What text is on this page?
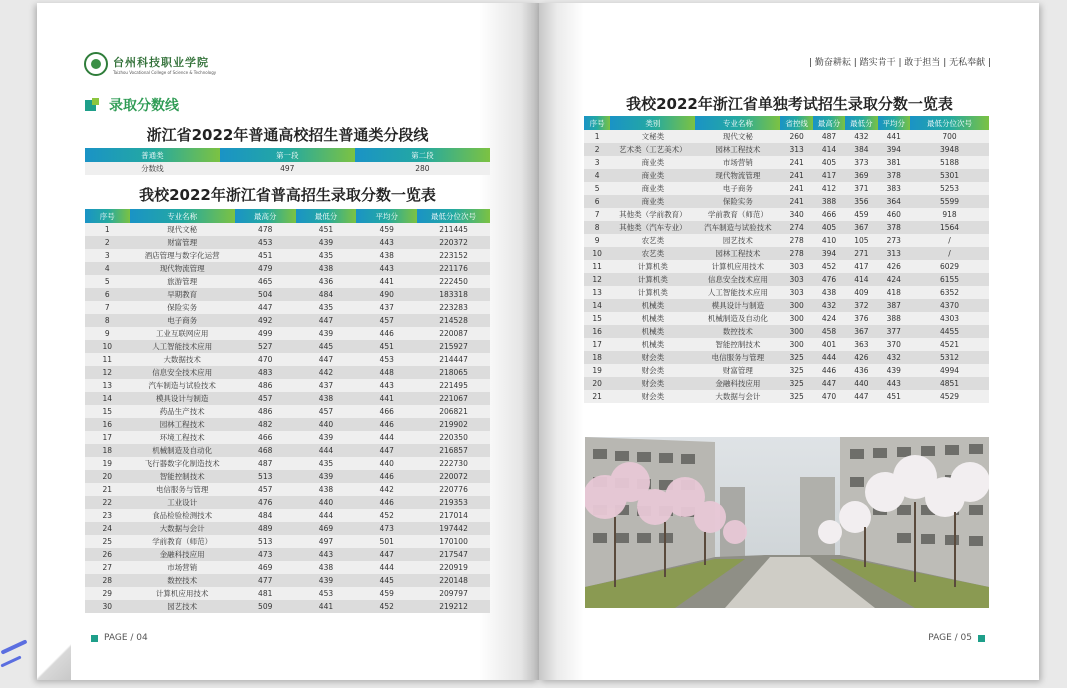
台州科技职业学院
Taizhou Vocational College of Science & Technology
录取分数线
浙江省2022年普通高校招生普通类分段线
普通类	第一段	第二段
分数线	497	280
我校2022年浙江省普高招生录取分数一览表
序号	专业名称	最高分	最低分	平均分	最低分位次号
1	现代文秘	478	451	459	211445
2	财富管理	453	439	443	220372
3	酒店管理与数字化运营	451	435	438	223152
4	现代物流管理	479	438	443	221176
5	旅游管理	465	436	441	222450
6	早期教育	504	484	490	183318
7	保险实务	447	435	437	223283
8	电子商务	492	447	457	214528
9	工业互联网应用	499	439	446	220087
10	人工智能技术应用	527	445	451	215927
11	大数据技术	470	447	453	214447
12	信息安全技术应用	483	442	448	218065
13	汽车制造与试验技术	486	437	443	221495
14	模具设计与制造	457	438	441	221067
15	药品生产技术	486	457	466	206821
16	园林工程技术	482	440	446	219902
17	环境工程技术	466	439	444	220350
18	机械制造及自动化	468	444	447	216857
19	飞行器数字化制造技术	487	435	440	222730
20	智能控制技术	513	439	446	220072
21	电信服务与管理	457	438	442	220776
22	工业设计	476	440	446	219353
23	食品检验检测技术	484	444	452	217014
24	大数据与会计	489	469	473	197442
25	学前教育（师范）	513	497	501	170100
26	金融科技应用	473	443	447	217547
27	市场营销	469	438	444	220919
28	数控技术	477	439	445	220148
29	计算机应用技术	481	453	459	209797
30	园艺技术	509	441	452	219212
PAGE / 04
| 勤奋耕耘 | 踏实肯干 | 敢于担当 | 无私奉献 |
我校2022年浙江省单独考试招生录取分数一览表
序号	类别	专业名称	省控线	最高分	最低分	平均分	最低分位次号
1	文秘类	现代文秘	260	487	432	441	700
2	艺术类（工艺美术）	园林工程技术	313	414	384	394	3948
3	商业类	市场营销	241	405	373	381	5188
4	商业类	现代物流管理	241	417	369	378	5301
5	商业类	电子商务	241	412	371	383	5253
6	商业类	保险实务	241	388	356	364	5599
7	其他类（学前教育）	学前教育（师范）	340	466	459	460	918
8	其他类（汽车专业）	汽车制造与试验技术	274	405	367	378	1564
9	农艺类	园艺技术	278	410	105	273	/
10	农艺类	园林工程技术	278	394	271	313	/
11	计算机类	计算机应用技术	303	452	417	426	6029
12	计算机类	信息安全技术应用	303	476	414	424	6155
13	计算机类	人工智能技术应用	303	438	409	418	6352
14	机械类	模具设计与制造	300	432	372	387	4370
15	机械类	机械制造及自动化	300	424	376	388	4303
16	机械类	数控技术	300	458	367	377	4455
17	机械类	智能控制技术	300	401	363	370	4521
18	财会类	电信服务与管理	325	444	426	432	5312
19	财会类	财富管理	325	446	436	439	4994
20	财会类	金融科技应用	325	447	440	443	4851
21	财会类	大数据与会计	325	470	447	451	4529
PAGE / 05
